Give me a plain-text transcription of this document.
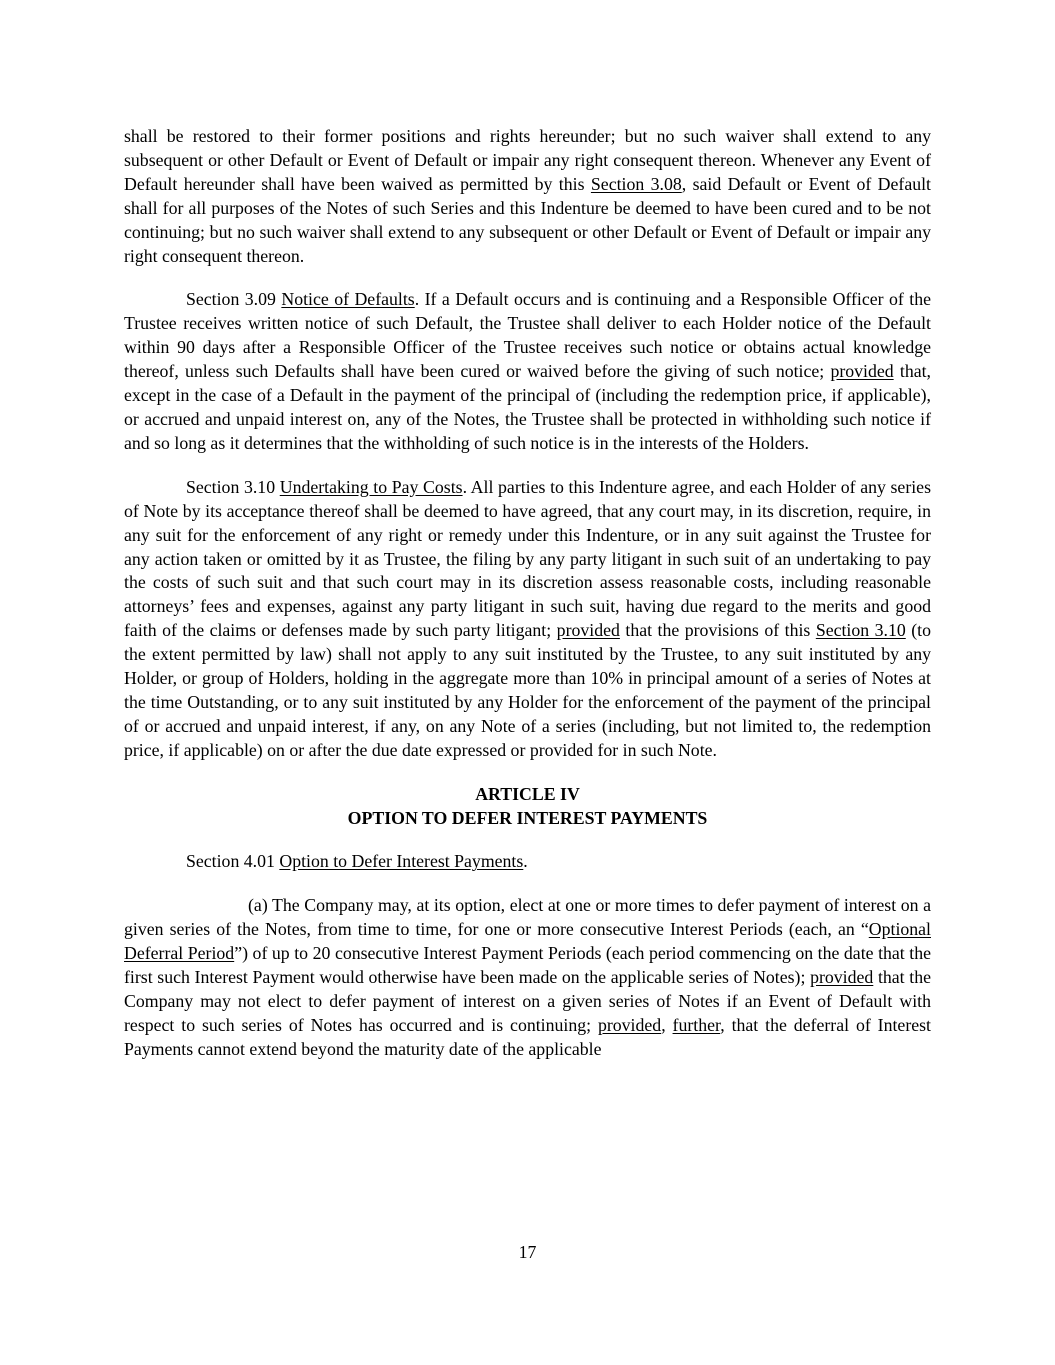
shall be restored to their former positions and rights hereunder; but no such waiver shall extend to any subsequent or other Default or Event of Default or impair any right consequent thereon. Whenever any Event of Default hereunder shall have been waived as permitted by this Section 3.08, said Default or Event of Default shall for all purposes of the Notes of such Series and this Indenture be deemed to have been cured and to be not continuing; but no such waiver shall extend to any subsequent or other Default or Event of Default or impair any right consequent thereon.

Section 3.09 Notice of Defaults. If a Default occurs and is continuing and a Responsible Officer of the Trustee receives written notice of such Default, the Trustee shall deliver to each Holder notice of the Default within 90 days after a Responsible Officer of the Trustee receives such notice or obtains actual knowledge thereof, unless such Defaults shall have been cured or waived before the giving of such notice; provided that, except in the case of a Default in the payment of the principal of (including the redemption price, if applicable), or accrued and unpaid interest on, any of the Notes, the Trustee shall be protected in withholding such notice if and so long as it determines that the withholding of such notice is in the interests of the Holders.

Section 3.10 Undertaking to Pay Costs. All parties to this Indenture agree, and each Holder of any series of Note by its acceptance thereof shall be deemed to have agreed, that any court may, in its discretion, require, in any suit for the enforcement of any right or remedy under this Indenture, or in any suit against the Trustee for any action taken or omitted by it as Trustee, the filing by any party litigant in such suit of an undertaking to pay the costs of such suit and that such court may in its discretion assess reasonable costs, including reasonable attorneys’ fees and expenses, against any party litigant in such suit, having due regard to the merits and good faith of the claims or defenses made by such party litigant; provided that the provisions of this Section 3.10 (to the extent permitted by law) shall not apply to any suit instituted by the Trustee, to any suit instituted by any Holder, or group of Holders, holding in the aggregate more than 10% in principal amount of a series of Notes at the time Outstanding, or to any suit instituted by any Holder for the enforcement of the payment of the principal of or accrued and unpaid interest, if any, on any Note of a series (including, but not limited to, the redemption price, if applicable) on or after the due date expressed or provided for in such Note.

ARTICLE IV

OPTION TO DEFER INTEREST PAYMENTS

Section 4.01 Option to Defer Interest Payments.

(a) The Company may, at its option, elect at one or more times to defer payment of interest on a given series of the Notes, from time to time, for one or more consecutive Interest Periods (each, an “Optional Deferral Period”) of up to 20 consecutive Interest Payment Periods (each period commencing on the date that the first such Interest Payment would otherwise have been made on the applicable series of Notes); provided that the Company may not elect to defer payment of interest on a given series of Notes if an Event of Default with respect to such series of Notes has occurred and is continuing; provided, further, that the deferral of Interest Payments cannot extend beyond the maturity date of the applicable

17
